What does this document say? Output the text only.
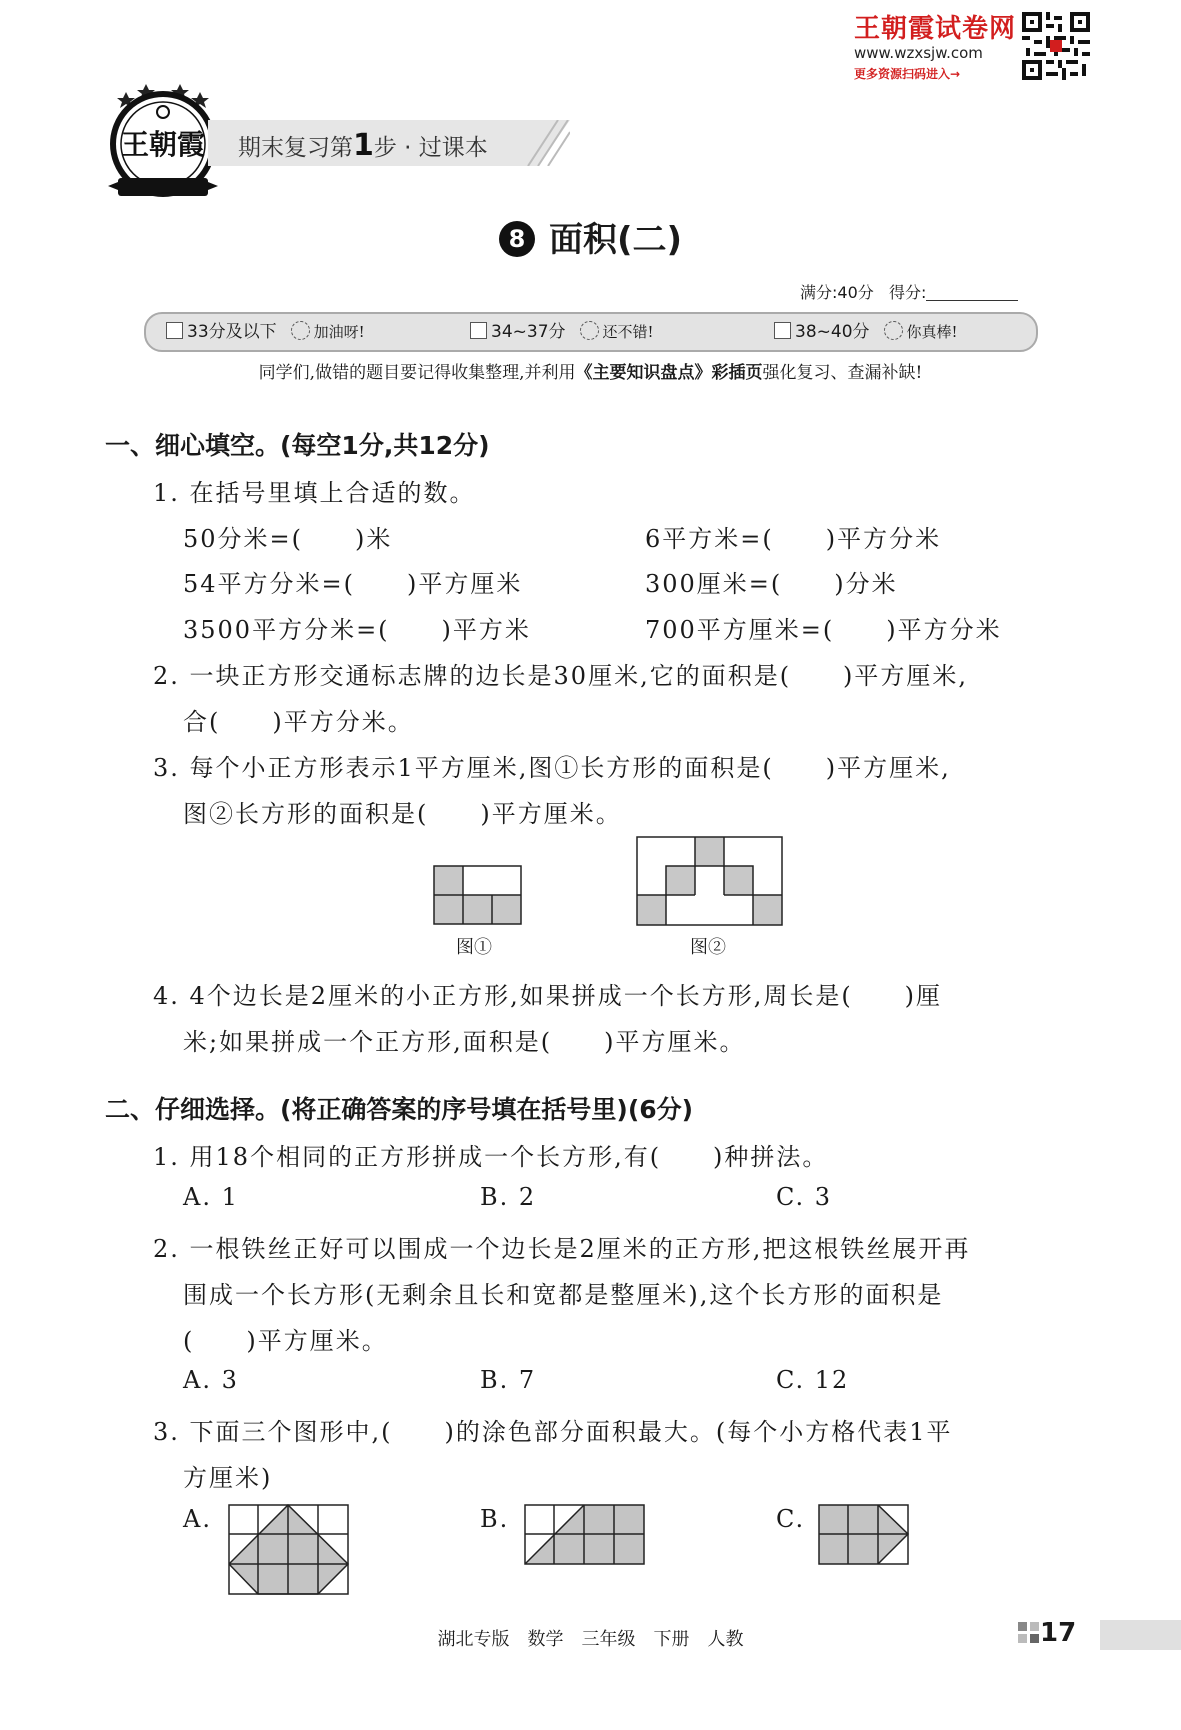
王朝霞试卷网
www.wzxsjw.com
更多资源扫码进入→
王朝霞 期末复习第1步 · 过课本
8 面积(二)
满分:40分 得分:
33分及以下 加油呀!	34~37分 还不错!	38~40分 你真棒!
同学们,做错的题目要记得收集整理,并利用《主要知识盘点》彩插页强化复习、查漏补缺!
一、细心填空。(每空1分,共12分)
1. 在括号里填上合适的数。
50分米=(　　)米	6平方米=(　　)平方分米
54平方分米=(　　)平方厘米	300厘米=(　　)分米
3500平方分米=(　　)平方米	700平方厘米=(　　)平方分米
2. 一块正方形交通标志牌的边长是30厘米,它的面积是(　　)平方厘米,
合(　　)平方分米。
3. 每个小正方形表示1平方厘米,图①长方形的面积是(　　)平方厘米,
图②长方形的面积是(　　)平方厘米。
图①	图②
4. 4个边长是2厘米的小正方形,如果拼成一个长方形,周长是(　　)厘
米;如果拼成一个正方形,面积是(　　)平方厘米。
二、仔细选择。(将正确答案的序号填在括号里)(6分)
1. 用18个相同的正方形拼成一个长方形,有(　　)种拼法。
A. 1	B. 2	C. 3
2. 一根铁丝正好可以围成一个边长是2厘米的正方形,把这根铁丝展开再
围成一个长方形(无剩余且长和宽都是整厘米),这个长方形的面积是
(　　)平方厘米。
A. 3	B. 7	C. 12
3. 下面三个图形中,(　　)的涂色部分面积最大。(每个小方格代表1平
方厘米)
A.	B.	C.
湖北专版　数学　三年级　下册　人教	17
